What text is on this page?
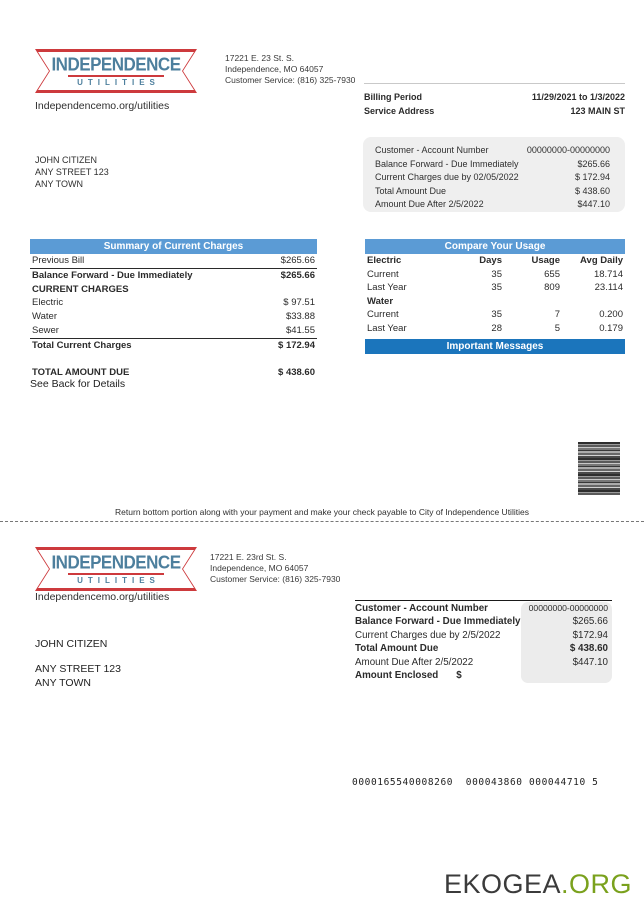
INDEPENDENCE
UTILITIES
17221 E. 23 St. S.
Independence, MO 64057
Customer Service: (816) 325-7930
Independencemo.org/utilities
Billing Period	11/29/2021 to 1/3/2022
Service Address	123 MAIN ST
Customer - Account Number	00000000-00000000
Balance Forward - Due Immediately	$265.66
Current Charges due by 02/05/2022	$ 172.94
Total Amount Due	$ 438.60
Amount Due After 2/5/2022	$447.10
JOHN CITIZEN
ANY STREET 123
ANY TOWN
Summary of Current Charges
Previous Bill	$265.66
Balance Forward - Due Immediately	$265.66
CURRENT CHARGES
Electric	$ 97.51
Water	$33.88
Sewer	$41.55
Total Current Charges	$ 172.94
TOTAL AMOUNT DUE	$ 438.60
See Back for Details
Compare Your Usage
Electric	Days	Usage	Avg Daily
Current	35	655	18.714
Last Year	35	809	23.114
Water
Current	35	7	0.200
Last Year	28	5	0.179
Important Messages
Return bottom portion along with your payment and make your check payable to City of Independence Utilities
INDEPENDENCE
UTILITIES
17221 E. 23rd St. S.
Independence, MO 64057
Customer Service: (816) 325-7930
Independencemo.org/utilities
Customer - Account Number	00000000-00000000
Balance Forward - Due Immediately	$265.66
Current Charges due by 2/5/2022	$172.94
Total Amount Due	$ 438.60
Amount Due After 2/5/2022	$447.10
Amount Enclosed $
JOHN CITIZEN
ANY STREET 123
ANY TOWN
0000165540008260  000043860 000044710 5
EKOGEA.ORG
